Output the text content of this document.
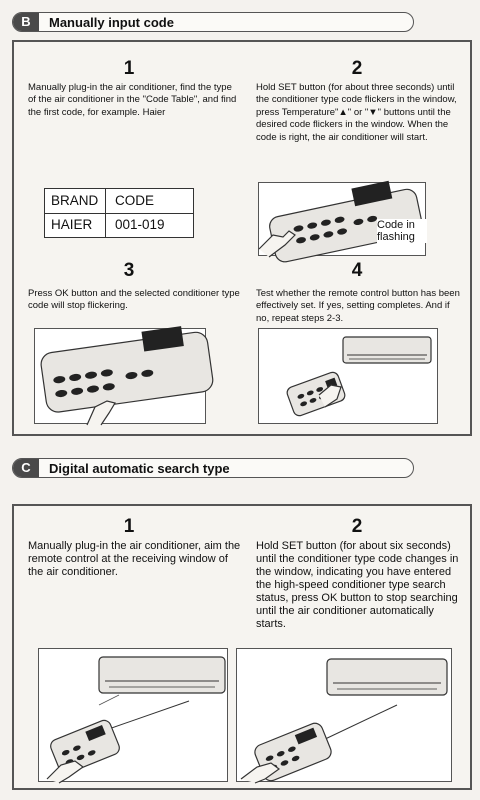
B	Manually input code
1
Manually plug-in the air conditioner, find the type of the air conditioner in the "Code Table", and find the first code, for example. Haier
BRAND CODE
HAIER 001-019
2
Hold SET button (for about three seconds) until the conditioner type code flickers in the window, press Temperature"▲" or "▼" buttons until the desired code flickers in the window. When the code is right, the air conditioner will start.
Code in
flashing
3
Press OK button and the selected conditioner type code will stop flickering.
4
Test whether the remote control button has been effectively set. If yes, setting completes. And if no, repeat steps 2-3.
C	Digital automatic search type
1
Manually plug-in the air conditioner, aim the remote control at the receiving window of the air conditioner.
2
Hold SET button (for about six seconds) until the conditioner type code changes in the window, indicating you have entered the high-speed conditioner type search status, press OK button to stop searching until the air conditioner automatically starts.
